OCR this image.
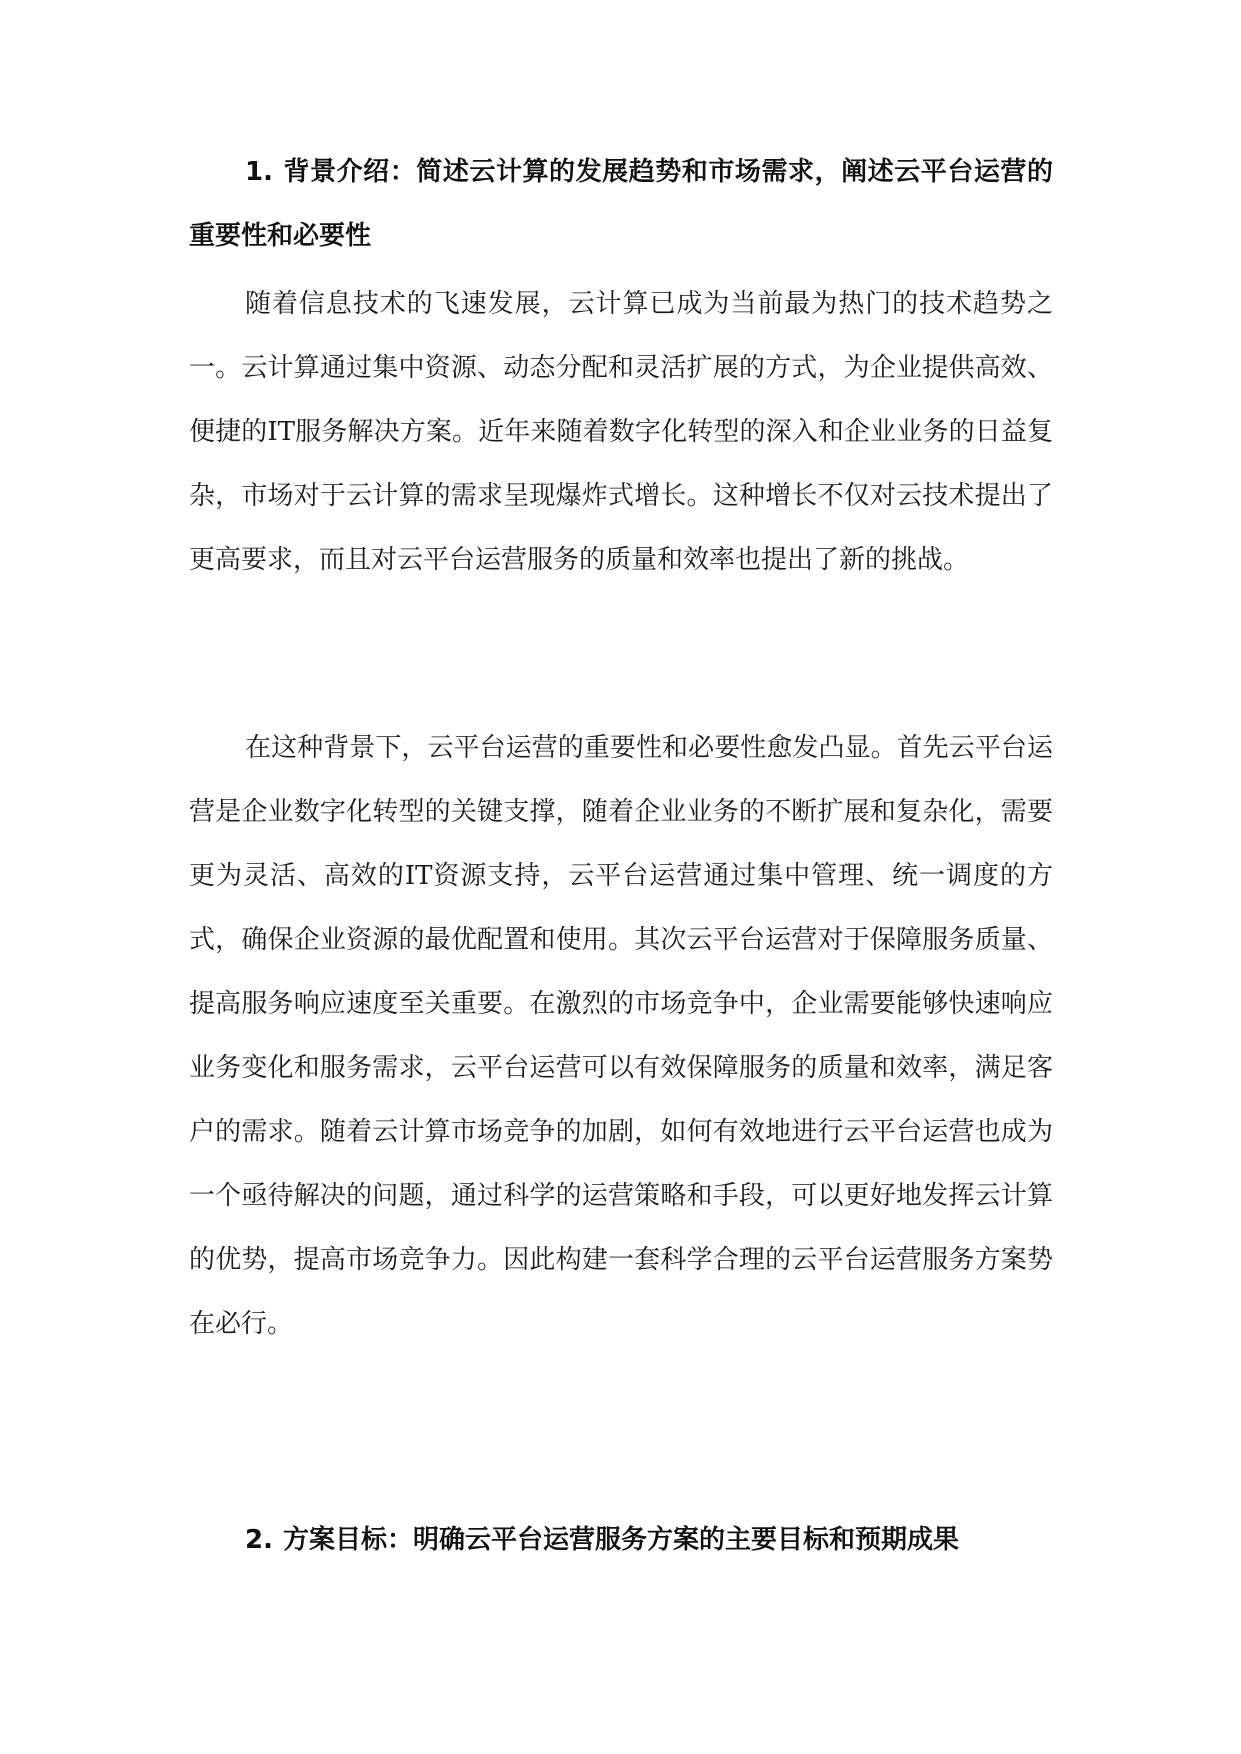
1. 背景介绍：简述云计算的发展趋势和市场需求，阐述云平台运营的重要性和必要性

随着信息技术的飞速发展，云计算已成为当前最为热门的技术趋势之一。云计算通过集中资源、动态分配和灵活扩展的方式，为企业提供高效、便捷的IT服务解决方案。近年来随着数字化转型的深入和企业业务的日益复杂，市场对于云计算的需求呈现爆炸式增长。这种增长不仅对云技术提出了更高要求，而且对云平台运营服务的质量和效率也提出了新的挑战。

在这种背景下，云平台运营的重要性和必要性愈发凸显。首先云平台运营是企业数字化转型的关键支撑，随着企业业务的不断扩展和复杂化，需要更为灵活、高效的IT资源支持，云平台运营通过集中管理、统一调度的方式，确保企业资源的最优配置和使用。其次云平台运营对于保障服务质量、提高服务响应速度至关重要。在激烈的市场竞争中，企业需要能够快速响应业务变化和服务需求，云平台运营可以有效保障服务的质量和效率，满足客户的需求。随着云计算市场竞争的加剧，如何有效地进行云平台运营也成为一个亟待解决的问题，通过科学的运营策略和手段，可以更好地发挥云计算的优势，提高市场竞争力。因此构建一套科学合理的云平台运营服务方案势在必行。

2. 方案目标：明确云平台运营服务方案的主要目标和预期成果
